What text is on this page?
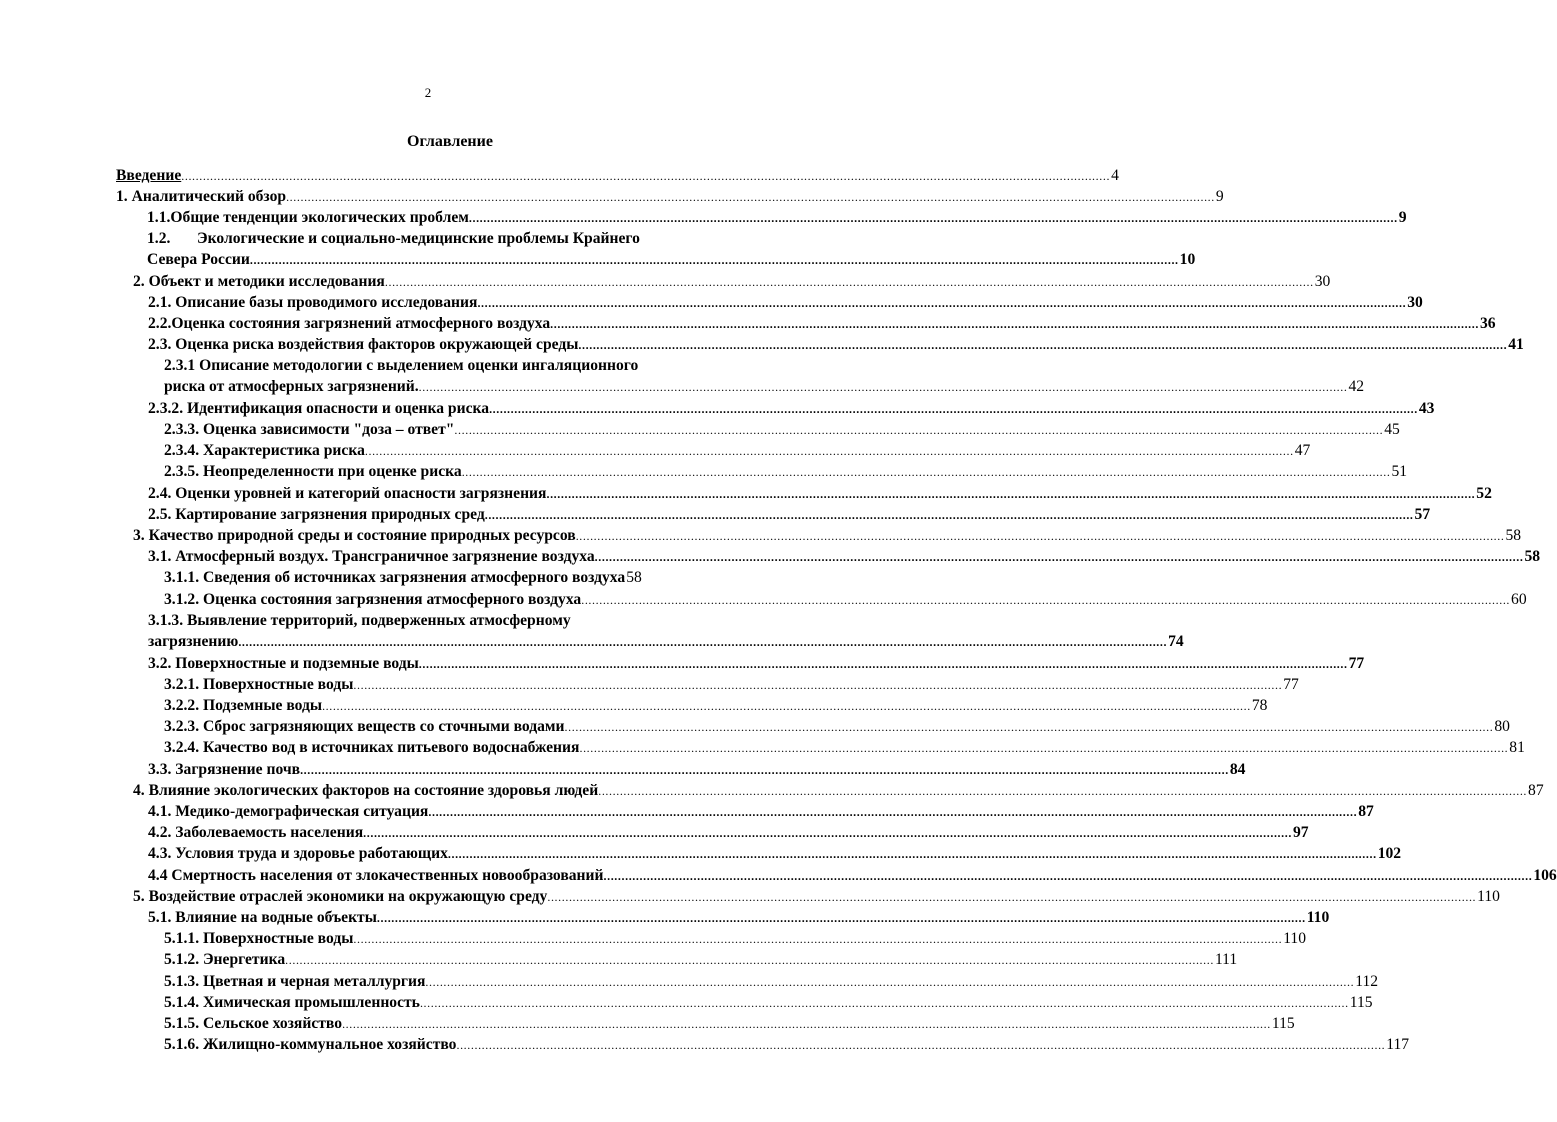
2
Оглавление
Введение .................................................................................................................................................................................................................................................................. 4
1. Аналитический обзор .................................................................................................................................................................................................................................................................. 9
1.1. Общие тенденции экологических проблем .................................................................................................................................................................................................................................................................. 9
1.2. Экологические и социально-медицинские проблемы Крайнего
Севера России .................................................................................................................................................................................................................................................................. 10
2. Объект и методики исследования .................................................................................................................................................................................................................................................................. 30
2.1. Описание базы проводимого исследования .................................................................................................................................................................................................................................................................. 30
2.2.Оценка состояния загрязнений атмосферного воздуха .................................................................................................................................................................................................................................................................. 36
2.3. Оценка риска воздействия факторов окружающей среды .................................................................................................................................................................................................................................................................. 41
2.3.1 Описание методологии с выделением оценки ингаляционного
риска от атмосферных загрязнений. .................................................................................................................................................................................................................................................................. 42
2.3.2. Идентификация опасности и оценка риска .................................................................................................................................................................................................................................................................. 43
2.3.3. Оценка зависимости "доза – ответ" .................................................................................................................................................................................................................................................................. 45
2.3.4. Характеристика риска .................................................................................................................................................................................................................................................................. 47
2.3.5. Неопределенности при оценке риска .................................................................................................................................................................................................................................................................. 51
2.4. Оценки уровней и категорий опасности загрязнения .................................................................................................................................................................................................................................................................. 52
2.5. Картирование загрязнения природных сред .................................................................................................................................................................................................................................................................. 57
3. Качество природной среды и состояние природных ресурсов .................................................................................................................................................................................................................................................................. 58
3.1. Атмосферный воздух. Трансграничное загрязнение воздуха .................................................................................................................................................................................................................................................................. 58
3.1.1. Сведения об источниках загрязнения атмосферного воздуха 58
3.1.2. Оценка состояния загрязнения атмосферного воздуха .................................................................................................................................................................................................................................................................. 60
3.1.3. Выявление территорий, подверженных атмосферному
загрязнению .................................................................................................................................................................................................................................................................. 74
3.2. Поверхностные и подземные воды .................................................................................................................................................................................................................................................................. 77
3.2.1. Поверхностные воды .................................................................................................................................................................................................................................................................. 77
3.2.2. Подземные воды .................................................................................................................................................................................................................................................................. 78
3.2.3. Сброс загрязняющих веществ со сточными водами .................................................................................................................................................................................................................................................................. 80
3.2.4. Качество вод в источниках питьевого водоснабжения .................................................................................................................................................................................................................................................................. 81
3.3. Загрязнение почв .................................................................................................................................................................................................................................................................. 84
4. Влияние экологических факторов на состояние здоровья людей .................................................................................................................................................................................................................................................................. 87
4.1. Медико-демографическая ситуация .................................................................................................................................................................................................................................................................. 87
4.2. Заболеваемость населения .................................................................................................................................................................................................................................................................. 97
4.3. Условия труда и здоровье работающих .................................................................................................................................................................................................................................................................. 102
4.4 Смертность населения от злокачественных новообразований .................................................................................................................................................................................................................................................................. 106
5. Воздействие отраслей экономики на окружающую среду .................................................................................................................................................................................................................................................................. 110
5.1. Влияние на водные объекты .................................................................................................................................................................................................................................................................. 110
5.1.1. Поверхностные воды .................................................................................................................................................................................................................................................................. 110
5.1.2. Энергетика .................................................................................................................................................................................................................................................................. 111
5.1.3. Цветная и черная металлургия .................................................................................................................................................................................................................................................................. 112
5.1.4. Химическая промышленность .................................................................................................................................................................................................................................................................. 115
5.1.5. Сельское хозяйство .................................................................................................................................................................................................................................................................. 115
5.1.6. Жилищно-коммунальное хозяйство .................................................................................................................................................................................................................................................................. 117
